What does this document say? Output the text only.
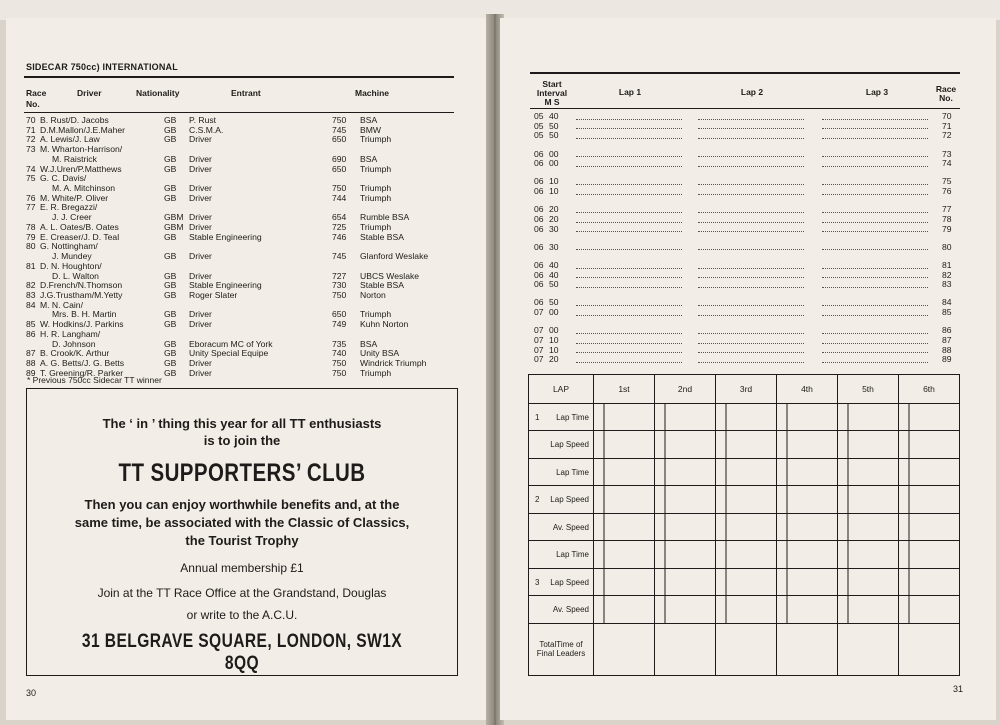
SIDECAR 750cc) INTERNATIONAL
Race
No.
Driver	Nationality	Entrant	Machine
70 B. Rust/D. Jacobs	GB P. Rust	750 BSA
71 D.M.Mallon/J.E.Maher	GB C.S.M.A.	745 BMW
72 A. Lewis/J. Law	GB Driver	650 Triumph
73 M. Wharton-Harrison/
M. Raistrick	GB Driver	690 BSA
74 W.J.Uren/P.Matthews	GB Driver	650 Triumph
75 G. C. Davis/
M. A. Mitchinson	GB Driver	750 Triumph
76 M. White/P. Oliver	GB Driver	744 Triumph
77 E. R. Bregazzi/
J. J. Creer	GBM Driver	654 Rumble BSA
78 A. L. Oates/B. Oates	GBM Driver	725 Triumph
79 E. Creaser/J. D. Teal	GB Stable Engineering	746 Stable BSA
80 G. Nottingham/
J. Mundey	GB Driver	745 Glanford Weslake
81 D. N. Houghton/
D. L. Walton	GB Driver	727 UBCS Weslake
82 D.French/N.Thomson	GB Stable Engineering	730 Stable BSA
83 J.G.Trustham/M.Yetty	GB Roger Slater	750 Norton
84 M. N. Cain/
Mrs. B. H. Martin	GB Driver	650 Triumph
85 W. Hodkins/J. Parkins	GB Driver	749 Kuhn Norton
86 H. R. Langham/
D. Johnson	GB Eboracum MC of York	735 BSA
87 B. Crook/K. Arthur	GB Unity Special Equipe	740 Unity BSA
88 A. G. Betts/J. G. Betts	GB Driver	750 Windrick Triumph
89 T. Greening/R. Parker	GB Driver	750 Triumph
* Previous 750cc Sidecar TT winner
The ‘ in ’ thing this year for all TT enthusiasts
is to join the
TT SUPPORTERS’ CLUB
Then you can enjoy worthwhile benefits and, at the
same time, be associated with the Classic of Classics,
the Tourist Trophy
Annual membership £1
Join at the TT Race Office at the Grandstand, Douglas
or write to the A.C.U.
31 BELGRAVE SQUARE, LONDON, SW1X 8QQ
30
Start
Interval
M S
Lap 1	Lap 2	Lap 3	Race
No.
05 40	70
05 50	71
05 50	72
06 00	73
06 00	74
06 10	75
06 10	76
06 20	77
06 20	78
06 30	79
06 30	80
06 40	81
06 40	82
06 50	83
06 50	84
07 00	85
07 00	86
07 10	87
07 10	88
07 20	89
LAP	1st	2nd	3rd	4th	5th	6th

1 Lap Time						
Lap Speed						
Lap Time						

2 Lap Speed						
Av. Speed						
Lap Time						

3 Lap Speed						
Av. Speed						

TotalTime of
Final Leaders						

31
